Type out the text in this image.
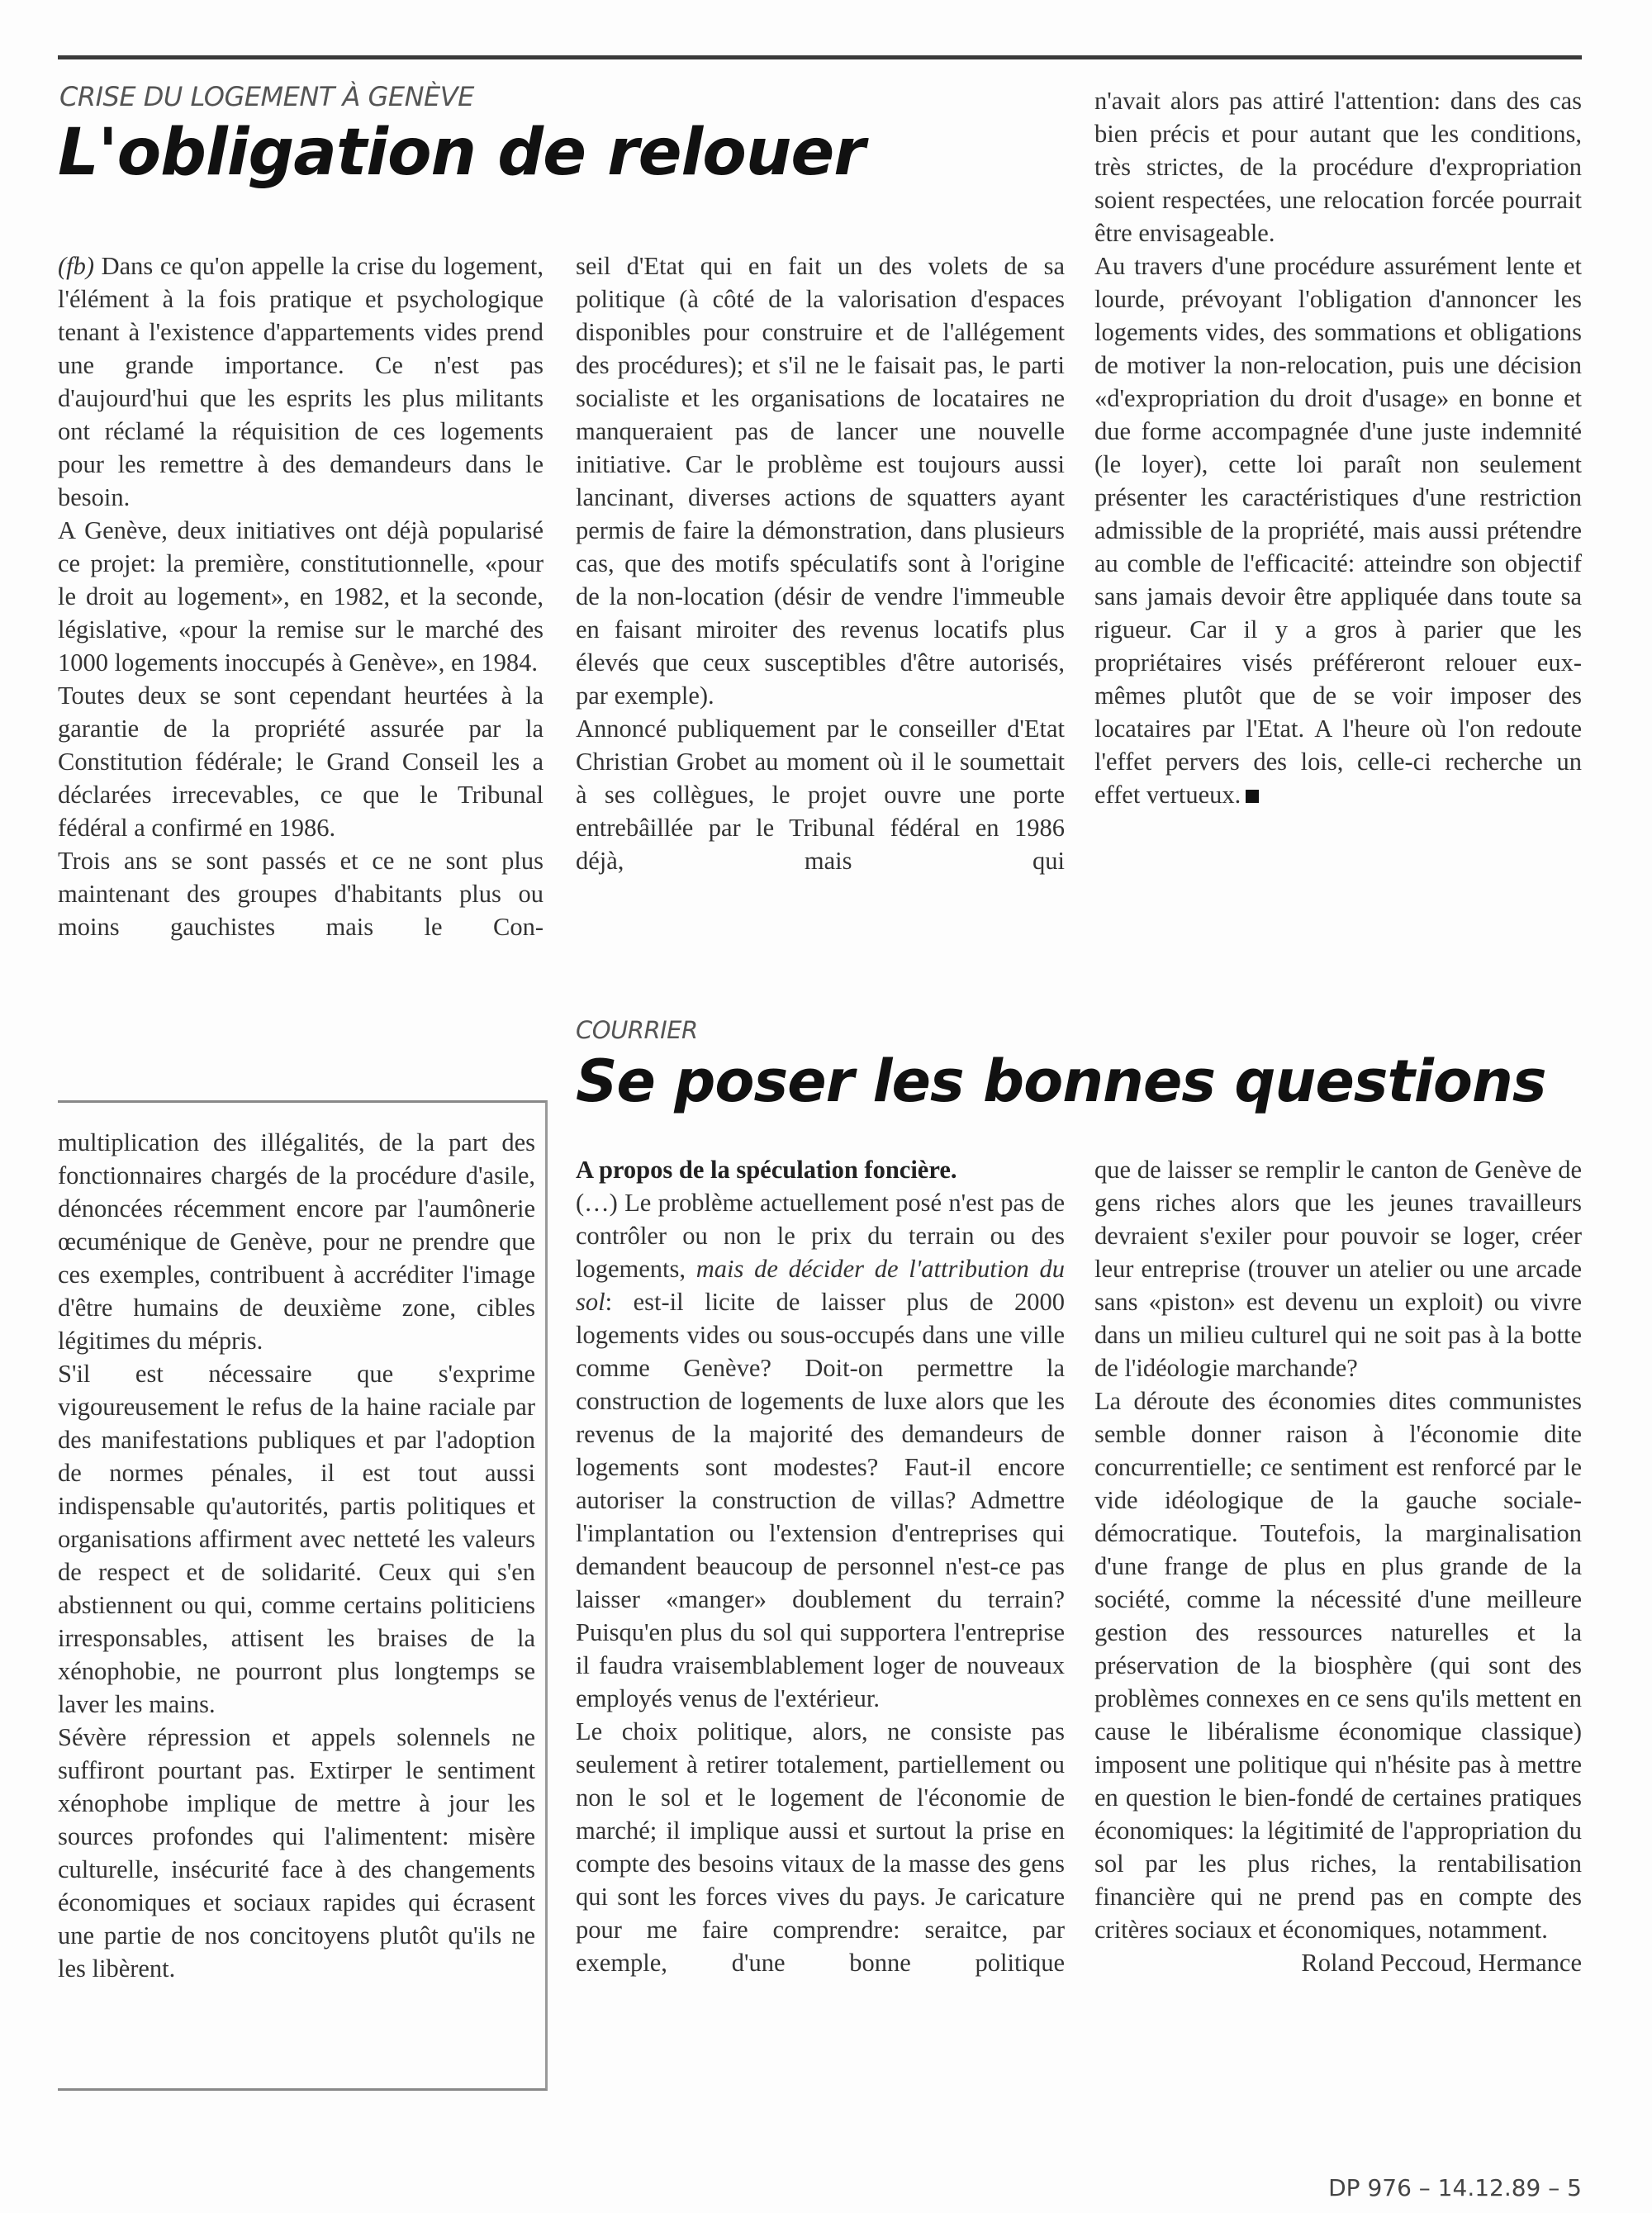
CRISE DU LOGEMENT À GENÈVE
L'obligation de relouer

(fb) Dans ce qu'on appelle la crise du logement, l'élément à la fois pratique et psychologique tenant à l'existence d'appartements vides prend une grande importance. Ce n'est pas d'aujourd'hui que les esprits les plus militants ont réclamé la réquisition de ces logements pour les remettre à des demandeurs dans le besoin.

A Genève, deux initiatives ont déjà popularisé ce projet: la première, constitutionnelle, «pour le droit au logement», en 1982, et la seconde, législative, «pour la remise sur le marché des 1000 logements inoccupés à Genève», en 1984.

Toutes deux se sont cependant heurtées à la garantie de la propriété assurée par la Constitution fédérale; le Grand Conseil les a déclarées irrecevables, ce que le Tribunal fédéral a confirmé en 1986.

Trois ans se sont passés et ce ne sont plus maintenant des groupes d'habitants plus ou moins gauchistes mais le Con-

seil d'Etat qui en fait un des volets de sa politique (à côté de la valorisation d'espaces disponibles pour construire et de l'allégement des procédures); et s'il ne le faisait pas, le parti socialiste et les organisations de locataires ne manqueraient pas de lancer une nouvelle initiative. Car le problème est toujours aussi lancinant, diverses actions de squatters ayant permis de faire la démonstration, dans plusieurs cas, que des motifs spéculatifs sont à l'origine de la non-location (désir de vendre l'immeuble en faisant miroiter des revenus locatifs plus élevés que ceux susceptibles d'être autorisés, par exemple).

Annoncé publiquement par le conseiller d'Etat Christian Grobet au moment où il le soumettait à ses collègues, le projet ouvre une porte entrebâillée par le Tribunal fédéral en 1986 déjà, mais qui

n'avait alors pas attiré l'attention: dans des cas bien précis et pour autant que les conditions, très strictes, de la procédure d'expropriation soient respectées, une relocation forcée pourrait être envisageable.

Au travers d'une procédure assurément lente et lourde, prévoyant l'obligation d'annoncer les logements vides, des sommations et obligations de motiver la non-relocation, puis une décision «d'expropriation du droit d'usage» en bonne et due forme accompagnée d'une juste indemnité (le loyer), cette loi paraît non seulement présenter les caractéristiques d'une restriction admissible de la propriété, mais aussi prétendre au comble de l'efficacité: atteindre son objectif sans jamais devoir être appliquée dans toute sa rigueur. Car il y a gros à parier que les propriétaires visés préféreront relouer eux-mêmes plutôt que de se voir imposer des locataires par l'Etat. A l'heure où l'on redoute l'effet pervers des lois, celle-ci recherche un effet vertueux.

multiplication des illégalités, de la part des fonctionnaires chargés de la procédure d'asile, dénoncées récemment encore par l'aumônerie œcuménique de Genève, pour ne prendre que ces exemples, contribuent à accréditer l'image d'être humains de deuxième zone, cibles légitimes du mépris.

S'il est nécessaire que s'exprime vigoureusement le refus de la haine raciale par des manifestations publiques et par l'adoption de normes pénales, il est tout aussi indispensable qu'autorités, partis politiques et organisations affirment avec netteté les valeurs de respect et de solidarité. Ceux qui s'en abstiennent ou qui, comme certains politiciens irresponsables, attisent les braises de la xénophobie, ne pourront plus longtemps se laver les mains.

Sévère répression et appels solennels ne suffiront pourtant pas. Extirper le sentiment xénophobe implique de mettre à jour les sources profondes qui l'alimentent: misère culturelle, insécurité face à des changements économiques et sociaux rapides qui écrasent une partie de nos concitoyens plutôt qu'ils ne les libèrent.

COURRIER
Se poser les bonnes questions

A propos de la spéculation foncière.

(…) Le problème actuellement posé n'est pas de contrôler ou non le prix du terrain ou des logements, mais de décider de l'attribution du sol: est-il licite de laisser plus de 2000 logements vides ou sous-occupés dans une ville comme Genève? Doit-on permettre la construction de logements de luxe alors que les revenus de la majorité des demandeurs de logements sont modestes? Faut-il encore autoriser la construction de villas? Admettre l'implantation ou l'extension d'entreprises qui demandent beaucoup de personnel n'est-ce pas laisser «manger» doublement du terrain? Puisqu'en plus du sol qui supportera l'entreprise il faudra vraisemblablement loger de nouveaux employés venus de l'extérieur.

Le choix politique, alors, ne consiste pas seulement à retirer totalement, partiellement ou non le sol et le logement de l'économie de marché; il implique aussi et surtout la prise en compte des besoins vitaux de la masse des gens qui sont les forces vives du pays. Je caricature pour me faire comprendre: seraitce, par exemple, d'une bonne politique

que de laisser se remplir le canton de Genève de gens riches alors que les jeunes travailleurs devraient s'exiler pour pouvoir se loger, créer leur entreprise (trouver un atelier ou une arcade sans «piston» est devenu un exploit) ou vivre dans un milieu culturel qui ne soit pas à la botte de l'idéologie marchande?

La déroute des économies dites communistes semble donner raison à l'économie dite concurrentielle; ce sentiment est renforcé par le vide idéologique de la gauche sociale-démocratique. Toutefois, la marginalisation d'une frange de plus en plus grande de la société, comme la nécessité d'une meilleure gestion des ressources naturelles et la préservation de la biosphère (qui sont des problèmes connexes en ce sens qu'ils mettent en cause le libéralisme économique classique) imposent une politique qui n'hésite pas à mettre en question le bien-fondé de certaines pratiques économiques: la légitimité de l'appropriation du sol par les plus riches, la rentabilisation financière qui ne prend pas en compte des critères sociaux et économiques, notamment.

Roland Peccoud, Hermance

DP 976 – 14.12.89 – 5
